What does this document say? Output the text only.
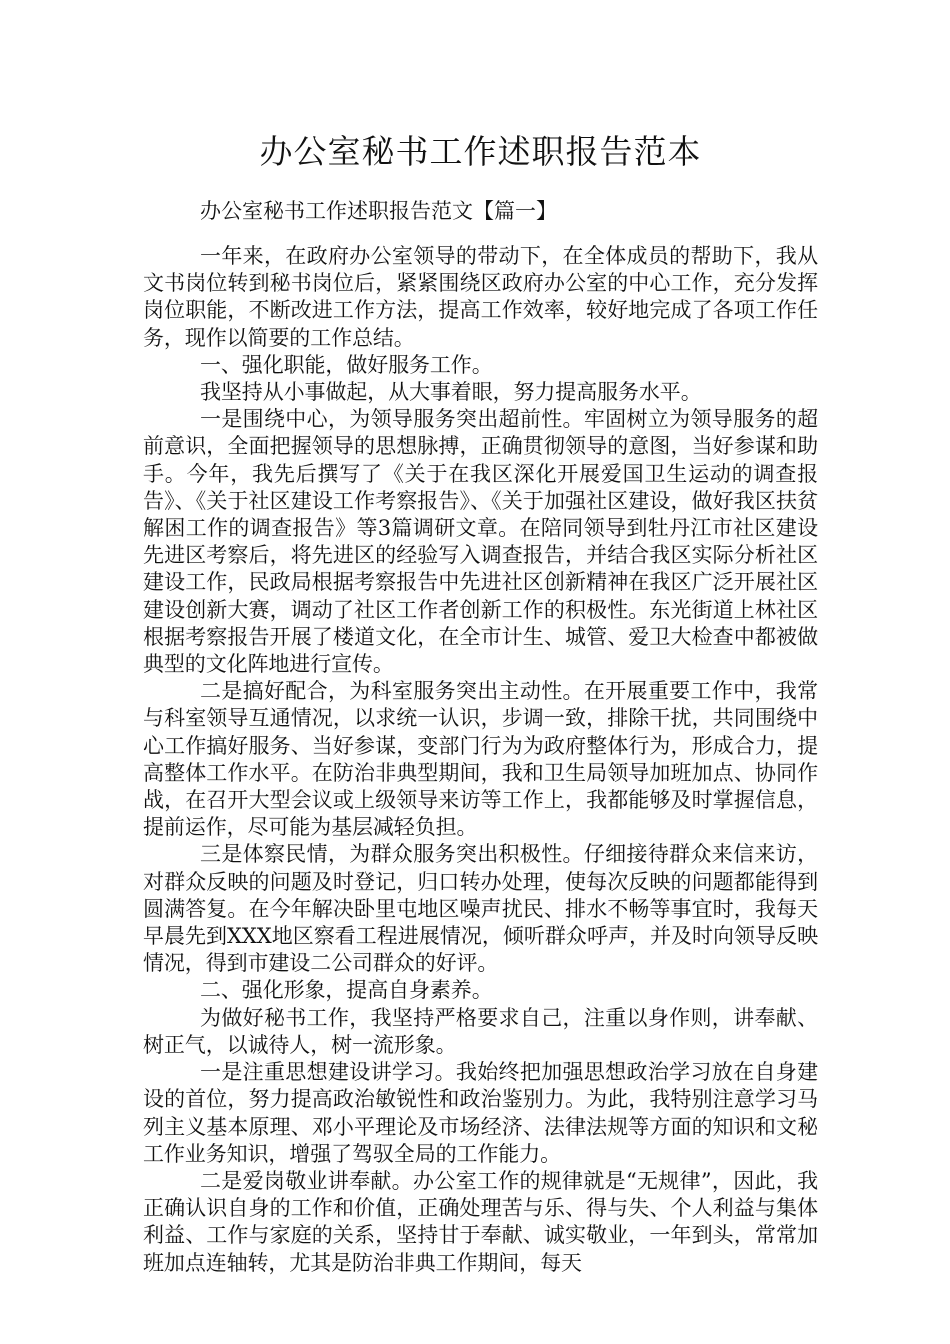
办公室秘书工作述职报告范本

办公室秘书工作述职报告范文【篇一】

一年来，在政府办公室领导的带动下，在全体成员的帮助下，我从文书岗位转到秘书岗位后，紧紧围绕区政府办公室的中心工作，充分发挥岗位职能，不断改进工作方法，提高工作效率，较好地完成了各项工作任务，现作以简要的工作总结。

一、强化职能，做好服务工作。

我坚持从小事做起，从大事着眼，努力提高服务水平。

一是围绕中心，为领导服务突出超前性。牢固树立为领导服务的超前意识，全面把握领导的思想脉搏，正确贯彻领导的意图，当好参谋和助手。今年，我先后撰写了《关于在我区深化开展爱国卫生运动的调查报告》、《关于社区建设工作考察报告》、《关于加强社区建设，做好我区扶贫解困工作的调查报告》等3篇调研文章。在陪同领导到牡丹江市社区建设先进区考察后，将先进区的经验写入调查报告，并结合我区实际分析社区建设工作，民政局根据考察报告中先进社区创新精神在我区广泛开展社区建设创新大赛，调动了社区工作者创新工作的积极性。东光街道上林社区根据考察报告开展了楼道文化，在全市计生、城管、爱卫大检查中都被做典型的文化阵地进行宣传。

二是搞好配合，为科室服务突出主动性。在开展重要工作中，我常与科室领导互通情况，以求统一认识，步调一致，排除干扰，共同围绕中心工作搞好服务、当好参谋，变部门行为为政府整体行为，形成合力，提高整体工作水平。在防治非典型期间，我和卫生局领导加班加点、协同作战，在召开大型会议或上级领导来访等工作上，我都能够及时掌握信息，提前运作，尽可能为基层减轻负担。

三是体察民情，为群众服务突出积极性。仔细接待群众来信来访，对群众反映的问题及时登记，归口转办处理，使每次反映的问题都能得到圆满答复。在今年解决卧里屯地区噪声扰民、排水不畅等事宜时，我每天早晨先到XXX地区察看工程进展情况，倾听群众呼声，并及时向领导反映情况，得到市建设二公司群众的好评。

二、强化形象，提高自身素养。

为做好秘书工作，我坚持严格要求自己，注重以身作则，讲奉献、树正气，以诚待人，树一流形象。

一是注重思想建设讲学习。我始终把加强思想政治学习放在自身建设的首位，努力提高政治敏锐性和政治鉴别力。为此，我特别注意学习马列主义基本原理、邓小平理论及市场经济、法律法规等方面的知识和文秘工作业务知识，增强了驾驭全局的工作能力。

二是爱岗敬业讲奉献。办公室工作的规律就是“无规律”，因此，我正确认识自身的工作和价值，正确处理苦与乐、得与失、个人利益与集体利益、工作与家庭的关系，坚持甘于奉献、诚实敬业，一年到头，常常加班加点连轴转，尤其是防治非典工作期间，每天
